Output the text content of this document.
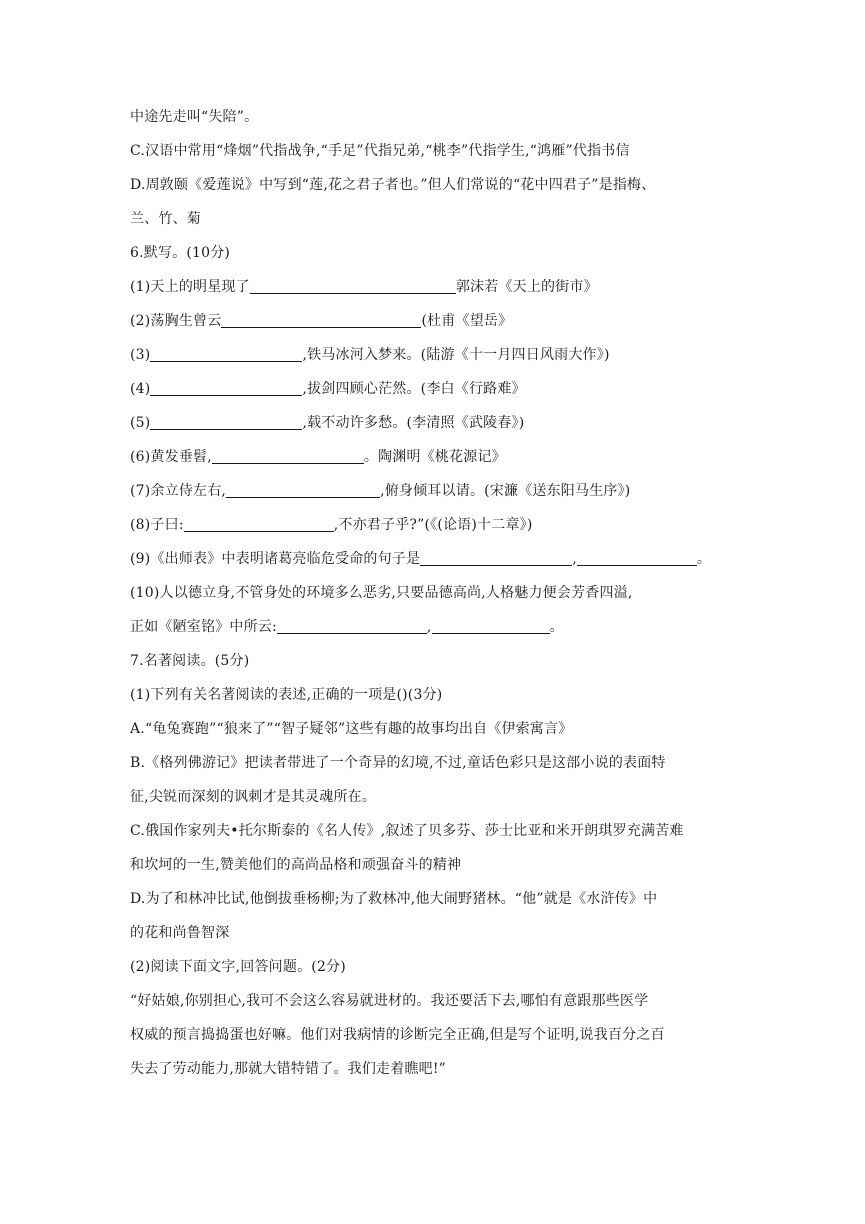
中途先走叫“失陪”。
C.汉语中常用“烽烟”代指战争,“手足”代指兄弟,“桃李”代指学生,“鸿雁”代指书信
D.周敦颐《爱莲说》中写到“莲,花之君子者也。”但人们常说的“花中四君子”是指梅、
兰、竹、菊
6.默写。(10分)
(1)天上的明星现了	郭沫若《天上的街市》
(2)荡胸生曾云	(杜甫《望岳》
(3)	,铁马冰河入梦来。(陆游《十一月四日风雨大作》)
(4)	,拔剑四顾心茫然。(李白《行路难》
(5)	,载不动许多愁。(李清照《武陵春》)
(6)黄发垂髫,	。陶渊明《桃花源记》
(7)余立侍左右,	,俯身倾耳以请。(宋濂《送东阳马生序》)
(8)子曰:	,不亦君子乎?”(《(论语)十二章》)
(9)《出师表》中表明诸葛亮临危受命的句子是	,	。
(10)人以德立身,不管身处的环境多么恶劣,只要品德高尚,人格魅力便会芳香四溢,
正如《陋室铭》中所云:	,	。
7.名著阅读。(5分)
(1)下列有关名著阅读的表述,正确的一项是()(3分)
A.“龟兔赛跑”“狼来了”“智子疑邻”这些有趣的故事均出自《伊索寓言》
B.《格列佛游记》把读者带进了一个奇异的幻境,不过,童话色彩只是这部小说的表面特
征,尖锐而深刻的讽刺才是其灵魂所在。
C.俄国作家列夫•托尔斯泰的《名人传》,叙述了贝多芬、莎士比亚和米开朗琪罗充满苦难
和坎坷的一生,赞美他们的高尚品格和顽强奋斗的精神
D.为了和林冲比试,他倒拔垂杨柳;为了救林冲,他大闹野猪林。“他”就是《水浒传》中
的花和尚鲁智深
(2)阅读下面文字,回答问题。(2分)
“好姑娘,你别担心,我可不会这么容易就进材的。我还要活下去,哪怕有意跟那些医学
权威的预言捣捣蛋也好嘛。他们对我病情的诊断完全正确,但是写个证明,说我百分之百
失去了劳动能力,那就大错特错了。我们走着瞧吧!”
